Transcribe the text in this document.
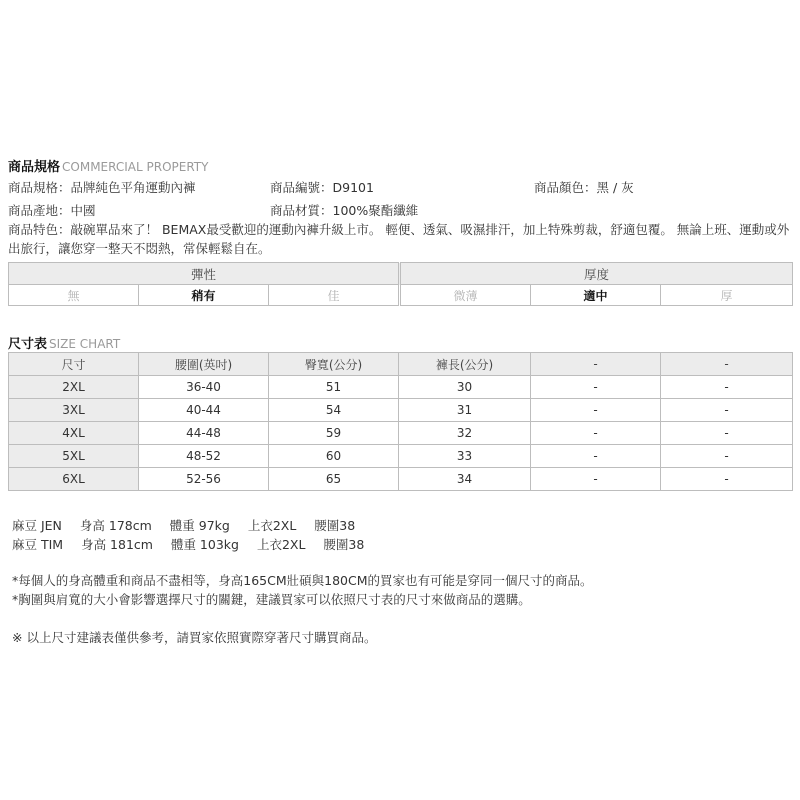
商品規格 COMMERCIAL PROPERTY
商品規格：品牌純色平角運動內褲	商品編號：D9101	商品顏色：黑 / 灰
商品產地：中國	商品材質：100%聚酯纖維
商品特色：敲碗單品來了！ BEMAX最受歡迎的運動內褲升級上市。 輕便、透氣、吸濕排汗，加上特殊剪裁，舒適包覆。 無論上班、運動或外出旅行，讓您穿一整天不悶熱，常保輕鬆自在。
彈性				厚度		
無	稍有	佳		微薄	適中	厚
尺寸表 SIZE CHART
尺寸	腰圍(英吋)	臀寬(公分)	褲長(公分)	-	-
2XL	36-40	51	30	-	-
3XL	40-44	54	31	-	-
4XL	44-48	59	32	-	-
5XL	48-52	60	33	-	-
6XL	52-56	65	34	-	-
麻豆 JEN 身高 178cm 體重 97kg 上衣2XL 腰圍38
麻豆 TIM 身高 181cm 體重 103kg 上衣2XL 腰圍38
*每個人的身高體重和商品不盡相等，身高165CM壯碩與180CM的買家也有可能是穿同一個尺寸的商品。
*胸圍與肩寬的大小會影響選擇尺寸的關鍵，建議買家可以依照尺寸表的尺寸來做商品的選購。
※ 以上尺寸建議表僅供參考，請買家依照實際穿著尺寸購買商品。
